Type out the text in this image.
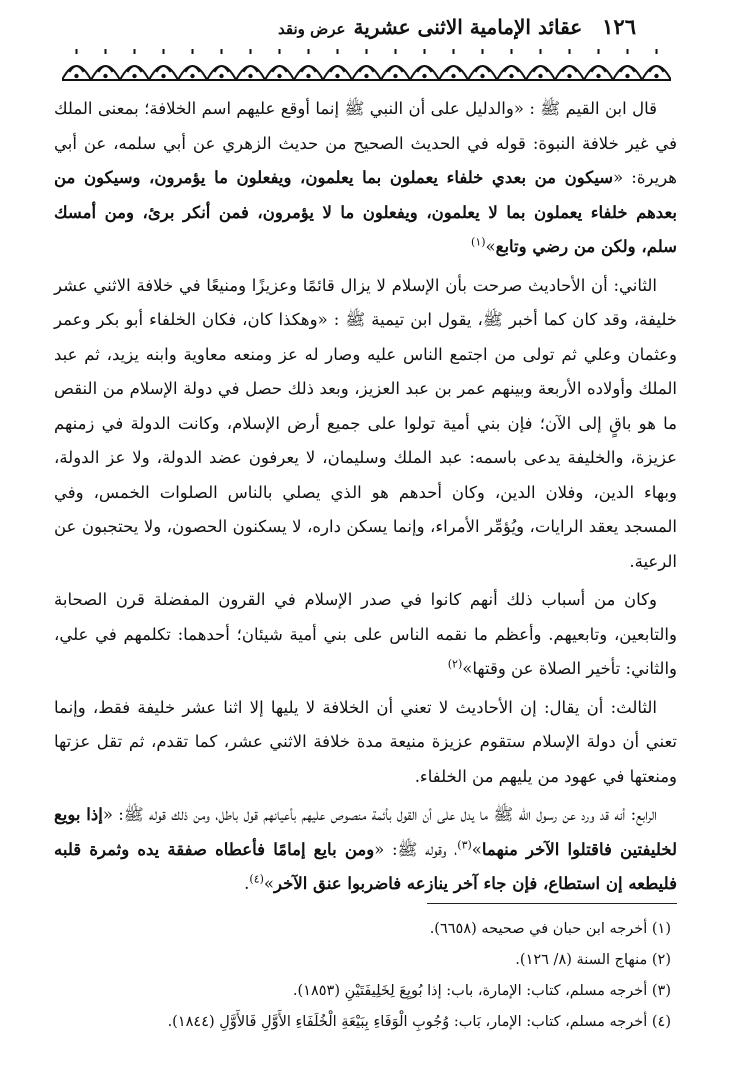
١٢٦
عقائد الإمامية الاثنى عشرية
عرض ونقد

قال ابن القيم ﷺ : «والدليل على أن النبي ﷺ إنما أوقع عليهم اسم الخلافة؛ بمعنى الملك في غير خلافة النبوة: قوله في الحديث الصحيح من حديث الزهري عن أبي سلمه، عن أبي هريرة: «سيكون من بعدي خلفاء يعملون بما يعلمون، ويفعلون ما يؤمرون، وسيكون من بعدهم خلفاء يعملون بما لا يعلمون، ويفعلون ما لا يؤمرون، فمن أنكر برئ، ومن أمسك سلم، ولكن من رضي وتابع»$^{(١)}$

الثاني: أن الأحاديث صرحت بأن الإسلام لا يزال قائمًا وعزيزًا ومنيعًا في خلافة الاثني عشر خليفة، وقد كان كما أخبر ﷺ، يقول ابن تيمية ﷺ : «وهكذا كان، فكان الخلفاء أبو بكر وعمر وعثمان وعلي ثم تولى من اجتمع الناس عليه وصار له عز ومنعه معاوية وابنه يزيد، ثم عبد الملك وأولاده الأربعة وبينهم عمر بن عبد العزيز، وبعد ذلك حصل في دولة الإسلام من النقص ما هو باقٍ إلى الآن؛ فإن بني أمية تولوا على جميع أرض الإسلام، وكانت الدولة في زمنهم عزيزة، والخليفة يدعى باسمه: عبد الملك وسليمان، لا يعرفون عضد الدولة، ولا عز الدولة، وبهاء الدين، وفلان الدين، وكان أحدهم هو الذي يصلي بالناس الصلوات الخمس، وفي المسجد يعقد الرايات، ويُؤمِّر الأمراء، وإنما يسكن داره، لا يسكنون الحصون، ولا يحتجبون عن الرعية.

وكان من أسباب ذلك أنهم كانوا في صدر الإسلام في القرون المفضلة قرن الصحابة والتابعين، وتابعيهم. وأعظم ما نقمه الناس على بني أمية شيئان؛ أحدهما: تكلمهم في علي، والثاني: تأخير الصلاة عن وقتها»$^{(٢)}$

الثالث: أن يقال: إن الأحاديث لا تعني أن الخلافة لا يليها إلا اثنا عشر خليفة فقط، وإنما تعني أن دولة الإسلام ستقوم عزيزة منيعة مدة خلافة الاثني عشر، كما تقدم، ثم تقل عزتها ومنعتها في عهود من يليهم من الخلفاء.

الرابع: أنه قد ورد عن رسول الله ﷺ ما يدل على أن القول بأئمة منصوص عليهم بأعيانهم قول باطل، ومن ذلك قوله ﷺ: «إذا بويع لخليفتين فاقتلوا الآخر منهما»$^{(٣)}$، وقوله ﷺ: «ومن بايع إمامًا فأعطاه صفقة يده وثمرة قلبه فليطعه إن استطاع، فإن جاء آخر ينازعه فاضربوا عنق الآخر»$^{(٤)}$.

(١) أخرجه ابن حبان في صحيحه (٦٦٥٨).
(٢) منهاج السنة (٨/ ١٢٦).
(٣) أخرجه مسلم، كتاب: الإمارة، باب: إذا بُويِعَ لِخَلِيفَتَيْنِ (١٨٥٣).
(٤) أخرجه مسلم، كتاب: الإمار، بَاب: وُجُوبِ الْوَفَاءِ بِبَيْعَةِ الْخُلَفَاءِ الأَوَّلِ فَالأَوَّلِ (١٨٤٤).
